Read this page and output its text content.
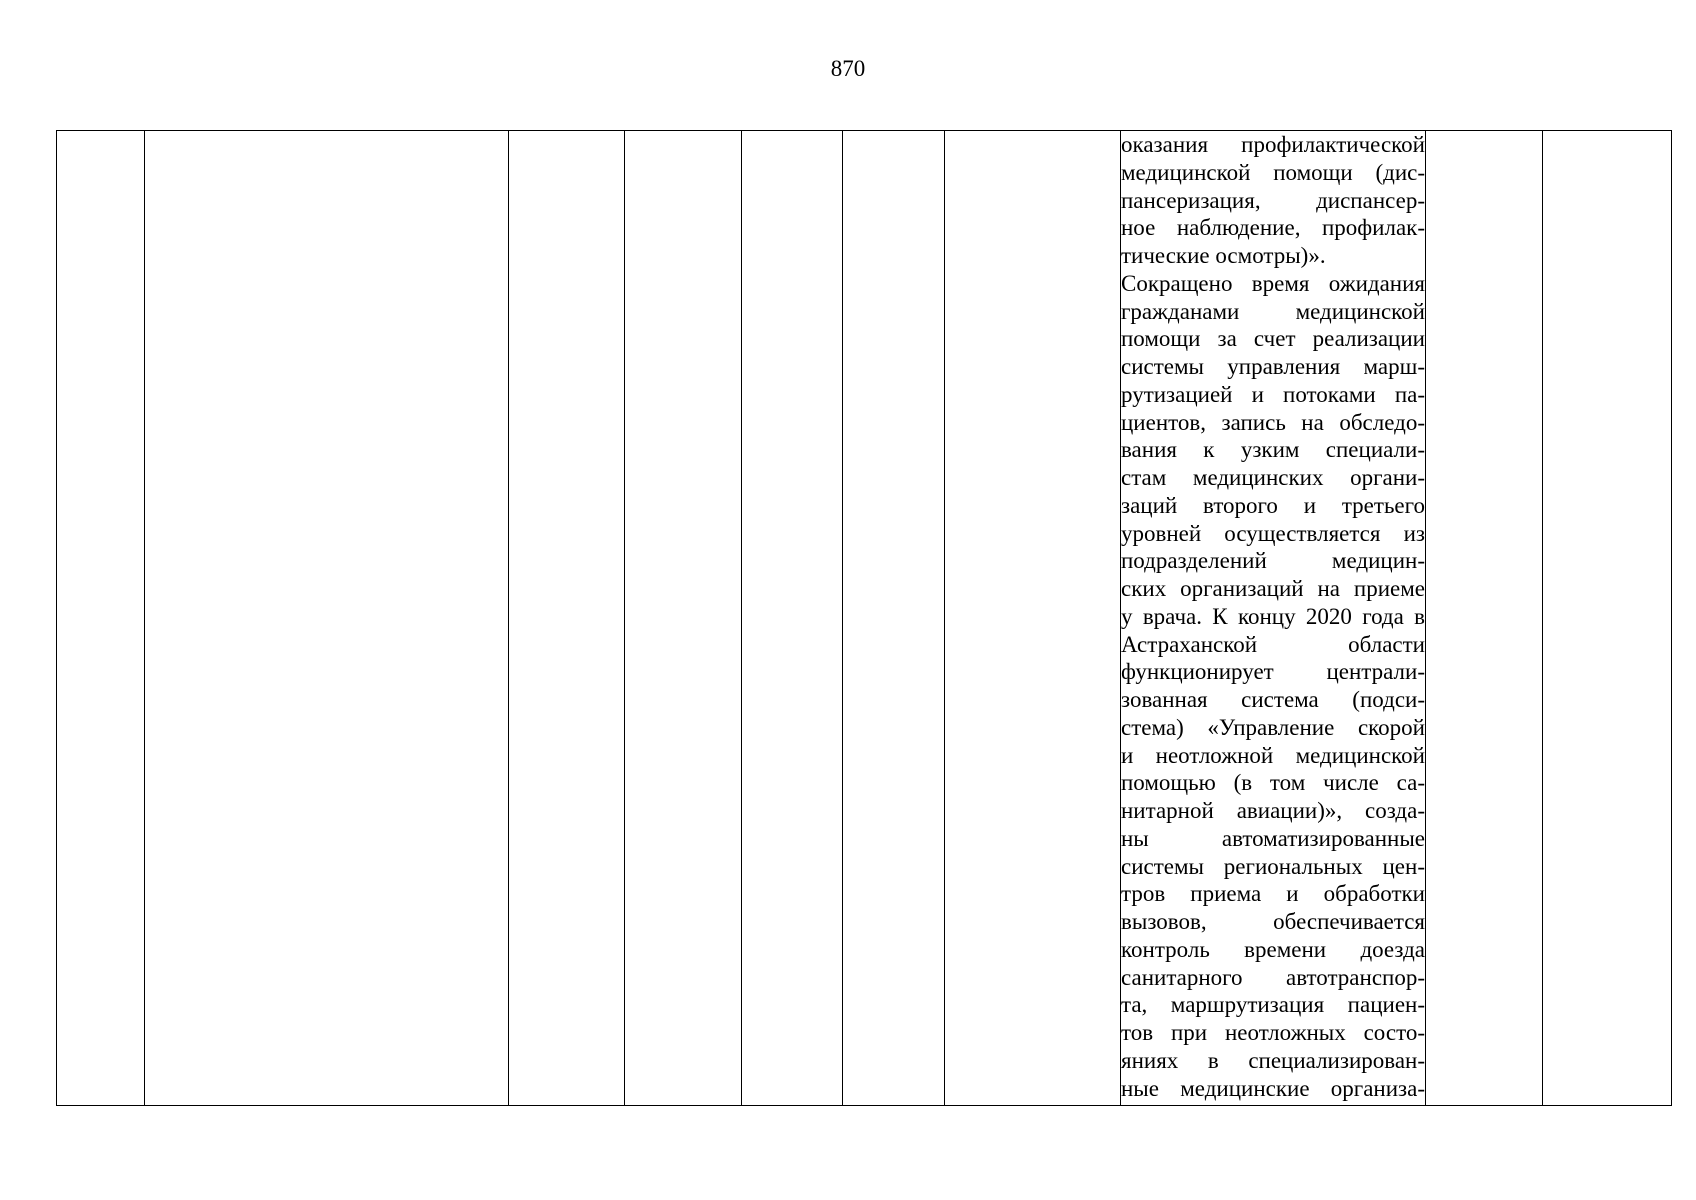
870

оказания профилактической
медицинской помощи (дис-
пансеризация, диспансер-
ное наблюдение, профилак-
тические осмотры)».
Сокращено время ожидания
гражданами медицинской
помощи за счет реализации
системы управления марш-
рутизацией и потоками па-
циентов, запись на обследо-
вания к узким специали-
стам медицинских органи-
заций второго и третьего
уровней осуществляется из
подразделений медицин-
ских организаций на приеме
у врача. К концу 2020 года в
Астраханской области
функционирует централи-
зованная система (подси-
стема) «Управление скорой
и неотложной медицинской
помощью (в том числе са-
нитарной авиации)», созда-
ны автоматизированные
системы региональных цен-
тров приема и обработки
вызовов, обеспечивается
контроль времени доезда
санитарного автотранспор-
та, маршрутизация пациен-
тов при неотложных состо-
яниях в специализирован-
ные медицинские организа-
